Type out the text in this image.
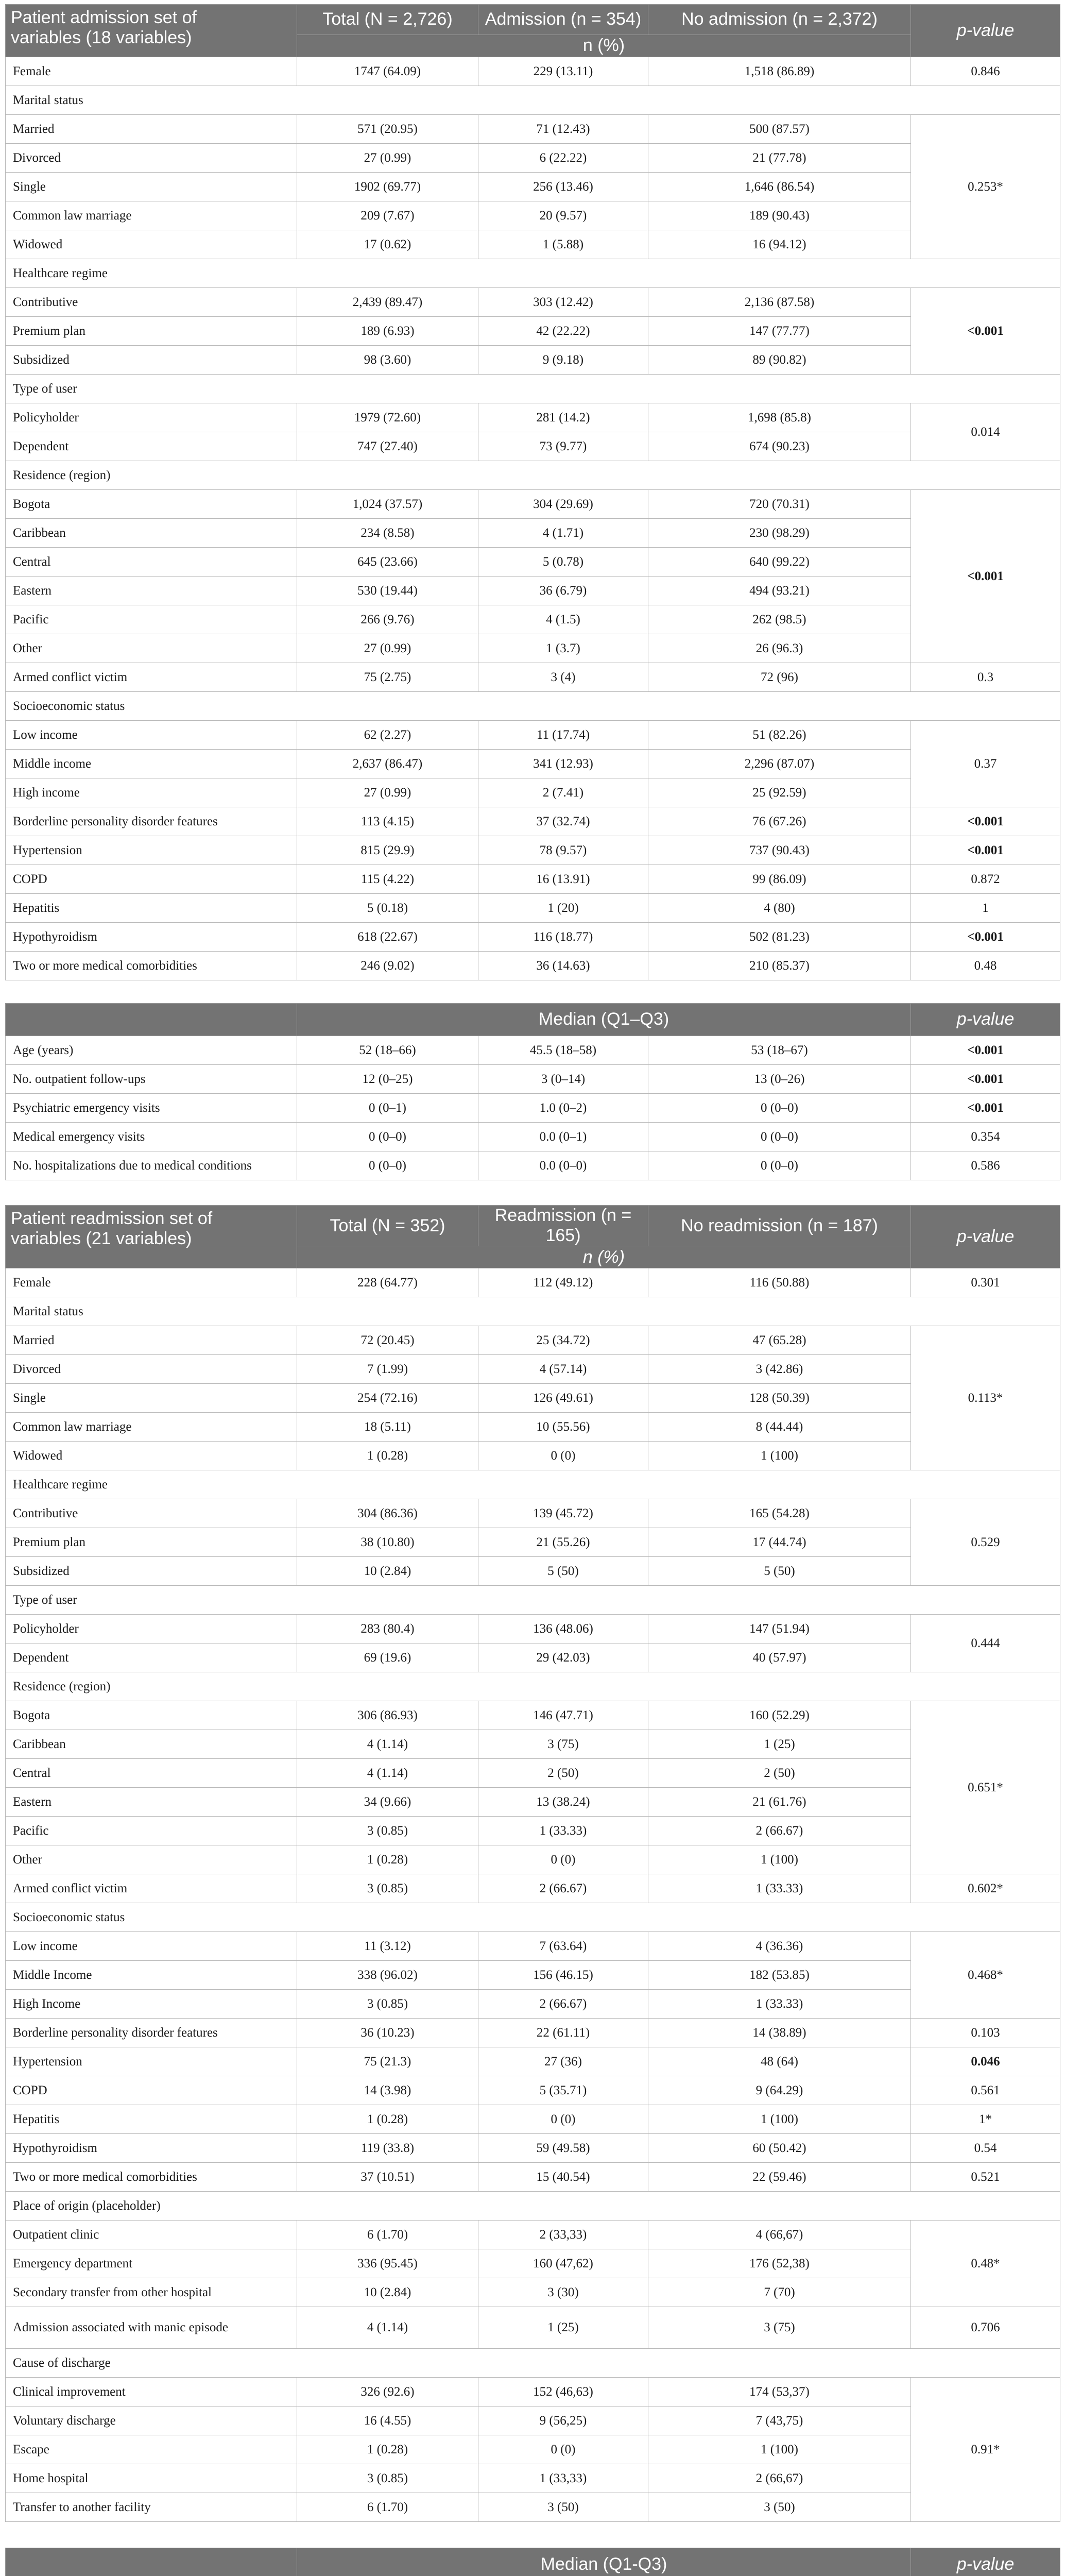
Patient admission set of
variables (18 variables)	Total (N = 2,726)	Admission (n = 354)	No admission (n = 2,372)	p-value
	n (%)			
Female	1747 (64.09)	229 (13.11)	1,518 (86.89)	0.846
Marital status				
Married	571 (20.95)	71 (12.43)	500 (87.57)	0.253*
Divorced	27 (0.99)	6 (22.22)	21 (77.78)	
Single	1902 (69.77)	256 (13.46)	1,646 (86.54)	
Common law marriage	209 (7.67)	20 (9.57)	189 (90.43)	
Widowed	17 (0.62)	1 (5.88)	16 (94.12)	
Healthcare regime				
Contributive	2,439 (89.47)	303 (12.42)	2,136 (87.58)	<0.001
Premium plan	189 (6.93)	42 (22.22)	147 (77.77)	
Subsidized	98 (3.60)	9 (9.18)	89 (90.82)	
Type of user				
Policyholder	1979 (72.60)	281 (14.2)	1,698 (85.8)	0.014
Dependent	747 (27.40)	73 (9.77)	674 (90.23)	
Residence (region)				
Bogota	1,024 (37.57)	304 (29.69)	720 (70.31)	<0.001
Caribbean	234 (8.58)	4 (1.71)	230 (98.29)	
Central	645 (23.66)	5 (0.78)	640 (99.22)	
Eastern	530 (19.44)	36 (6.79)	494 (93.21)	
Pacific	266 (9.76)	4 (1.5)	262 (98.5)	
Other	27 (0.99)	1 (3.7)	26 (96.3)	
Armed conflict victim	75 (2.75)	3 (4)	72 (96)	0.3
Socioeconomic status				
Low income	62 (2.27)	11 (17.74)	51 (82.26)	0.37
Middle income	2,637 (86.47)	341 (12.93)	2,296 (87.07)	
High income	27 (0.99)	2 (7.41)	25 (92.59)	
Borderline personality disorder features	113 (4.15)	37 (32.74)	76 (67.26)	<0.001
Hypertension	815 (29.9)	78 (9.57)	737 (90.43)	<0.001
COPD	115 (4.22)	16 (13.91)	99 (86.09)	0.872
Hepatitis	5 (0.18)	1 (20)	4 (80)	1
Hypothyroidism	618 (22.67)	116 (18.77)	502 (81.23)	<0.001
Two or more medical comorbidities	246 (9.02)	36 (14.63)	210 (85.37)	0.48
	Median (Q1–Q3)			p-value
Age (years)	52 (18–66)	45.5 (18–58)	53 (18–67)	<0.001
No. outpatient follow-ups	12 (0–25)	3 (0–14)	13 (0–26)	<0.001
Psychiatric emergency visits	0 (0–1)	1.0 (0–2)	0 (0–0)	<0.001
Medical emergency visits	0 (0–0)	0.0 (0–1)	0 (0–0)	0.354
No. hospitalizations due to medical conditions	0 (0–0)	0.0 (0–0)	0 (0–0)	0.586
Patient readmission set of
variables (21 variables)	Total (N = 352)	Readmission (n = 165)	No readmission (n = 187)	p-value
	n (%)			
Female	228 (64.77)	112 (49.12)	116 (50.88)	0.301
Marital status				
Married	72 (20.45)	25 (34.72)	47 (65.28)	0.113*
Divorced	7 (1.99)	4 (57.14)	3 (42.86)	
Single	254 (72.16)	126 (49.61)	128 (50.39)	
Common law marriage	18 (5.11)	10 (55.56)	8 (44.44)	
Widowed	1 (0.28)	0 (0)	1 (100)	
Healthcare regime				
Contributive	304 (86.36)	139 (45.72)	165 (54.28)	0.529
Premium plan	38 (10.80)	21 (55.26)	17 (44.74)	
Subsidized	10 (2.84)	5 (50)	5 (50)	
Type of user				
Policyholder	283 (80.4)	136 (48.06)	147 (51.94)	0.444
Dependent	69 (19.6)	29 (42.03)	40 (57.97)	
Residence (region)				
Bogota	306 (86.93)	146 (47.71)	160 (52.29)	0.651*
Caribbean	4 (1.14)	3 (75)	1 (25)	
Central	4 (1.14)	2 (50)	2 (50)	
Eastern	34 (9.66)	13 (38.24)	21 (61.76)	
Pacific	3 (0.85)	1 (33.33)	2 (66.67)	
Other	1 (0.28)	0 (0)	1 (100)	
Armed conflict victim	3 (0.85)	2 (66.67)	1 (33.33)	0.602*
Socioeconomic status				
Low income	11 (3.12)	7 (63.64)	4 (36.36)	0.468*
Middle Income	338 (96.02)	156 (46.15)	182 (53.85)	
High Income	3 (0.85)	2 (66.67)	1 (33.33)	
Borderline personality disorder features	36 (10.23)	22 (61.11)	14 (38.89)	0.103
Hypertension	75 (21.3)	27 (36)	48 (64)	0.046
COPD	14 (3.98)	5 (35.71)	9 (64.29)	0.561
Hepatitis	1 (0.28)	0 (0)	1 (100)	1*
Hypothyroidism	119 (33.8)	59 (49.58)	60 (50.42)	0.54
Two or more medical comorbidities	37 (10.51)	15 (40.54)	22 (59.46)	0.521
Place of origin (placeholder)				
Outpatient clinic	6 (1.70)	2 (33,33)	4 (66,67)	0.48*
Emergency department	336 (95.45)	160 (47,62)	176 (52,38)	
Secondary transfer from other hospital	10 (2.84)	3 (30)	7 (70)	
Admission associated with manic episode	4 (1.14)	1 (25)	3 (75)	0.706
Cause of discharge				
Clinical improvement	326 (92.6)	152 (46,63)	174 (53,37)	0.91*
Voluntary discharge	16 (4.55)	9 (56,25)	7 (43,75)	
Escape	1 (0.28)	0 (0)	1 (100)	
Home hospital	3 (0.85)	1 (33,33)	2 (66,67)	
Transfer to another facility	6 (1.70)	3 (50)	3 (50)	
	Median (Q1-Q3)			p-value
